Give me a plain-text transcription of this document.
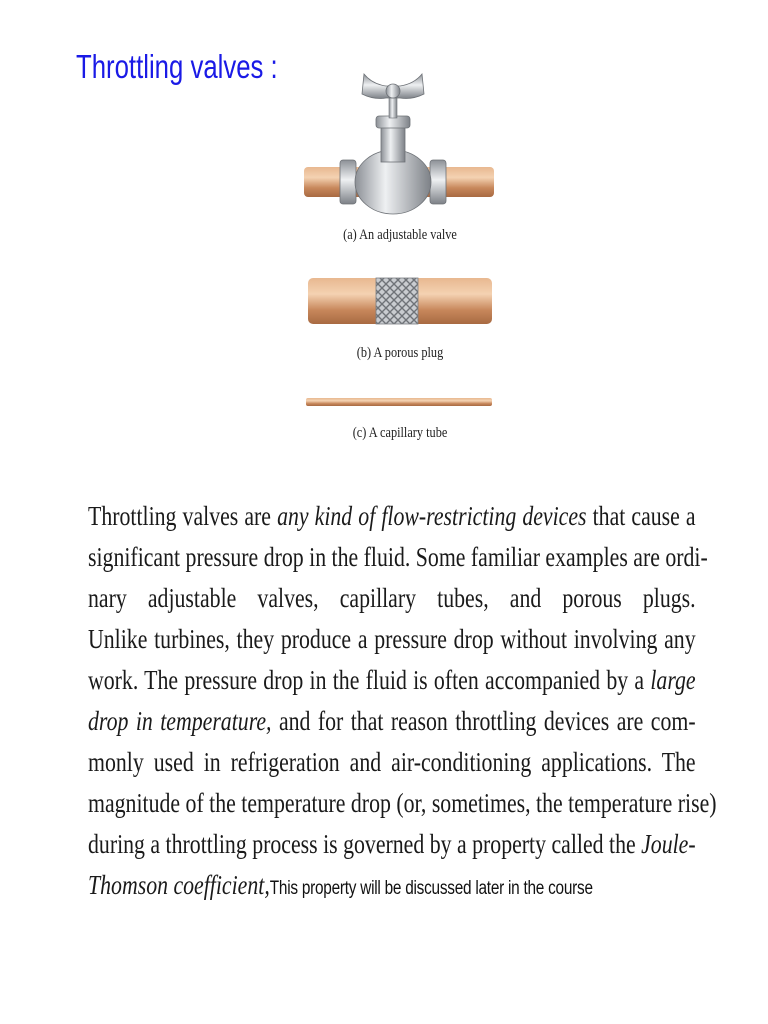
Throttling valves :
(a) An adjustable valve
(b) A porous plug
(c) A capillary tube
Throttling valves are any kind of flow-restricting devices that cause a
significant pressure drop in the fluid. Some familiar examples are ordi-
nary adjustable valves, capillary tubes, and porous plugs.
Unlike turbines, they produce a pressure drop without involving any
work. The pressure drop in the fluid is often accompanied by a large
drop in temperature, and for that reason throttling devices are com-
monly used in refrigeration and air-conditioning applications. The
magnitude of the temperature drop (or, sometimes, the temperature rise)
during a throttling process is governed by a property called the Joule-
Thomson coefficient,This property will be discussed later in the course
